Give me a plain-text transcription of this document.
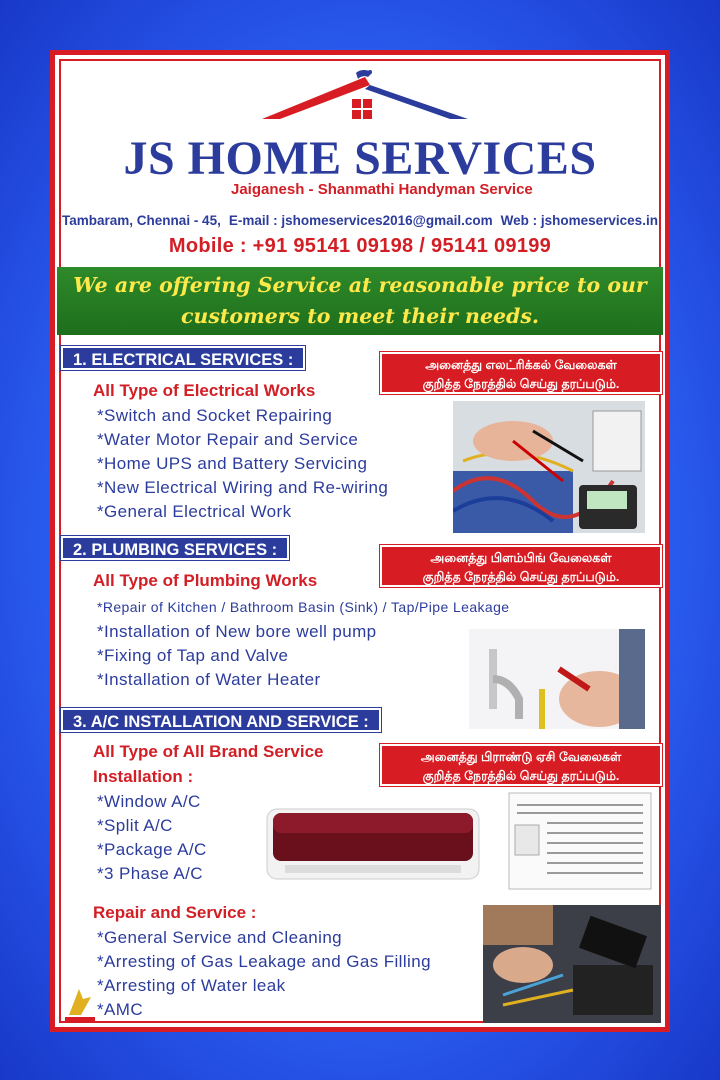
JS HOME SERVICES
Jaiganesh - Shanmathi Handyman Service
Tambaram, Chennai - 45, E-mail : jshomeservices2016@gmail.com Web : jshomeservices.in
Mobile : +91 95141 09198 / 95141 09199
We are offering Service at reasonable price to our
customers to meet their needs.
1. ELECTRICAL SERVICES :	அனைத்து எலட்ரிக்கல் வேலைகள்
குறித்த நேரத்தில் செய்து தரப்படும்.
All Type of Electrical Works
* Switch and Socket Repairing
* Water Motor Repair and Service
* Home UPS and Battery Servicing
* New Electrical Wiring and Re-wiring
* General Electrical Work
2. PLUMBING SERVICES :	அனைத்து பிளம்பிங் வேலைகள்
குறித்த நேரத்தில் செய்து தரப்படும்.
All Type of Plumbing Works
* Repair of Kitchen / Bathroom Basin (Sink) / Tap/Pipe Leakage
* Installation of New bore well pump
* Fixing of Tap and Valve
* Installation of Water Heater
3. A/C INSTALLATION AND SERVICE :
அனைத்து பிராண்டு ஏசி வேலைகள்
குறித்த நேரத்தில் செய்து தரப்படும்.
All Type of All Brand Service
Installation :
* Window A/C
* Split A/C
* Package A/C
* 3 Phase A/C
Repair and Service :
* General Service and Cleaning
* Arresting of Gas Leakage and Gas Filling
* Arresting of Water leak
* AMC
